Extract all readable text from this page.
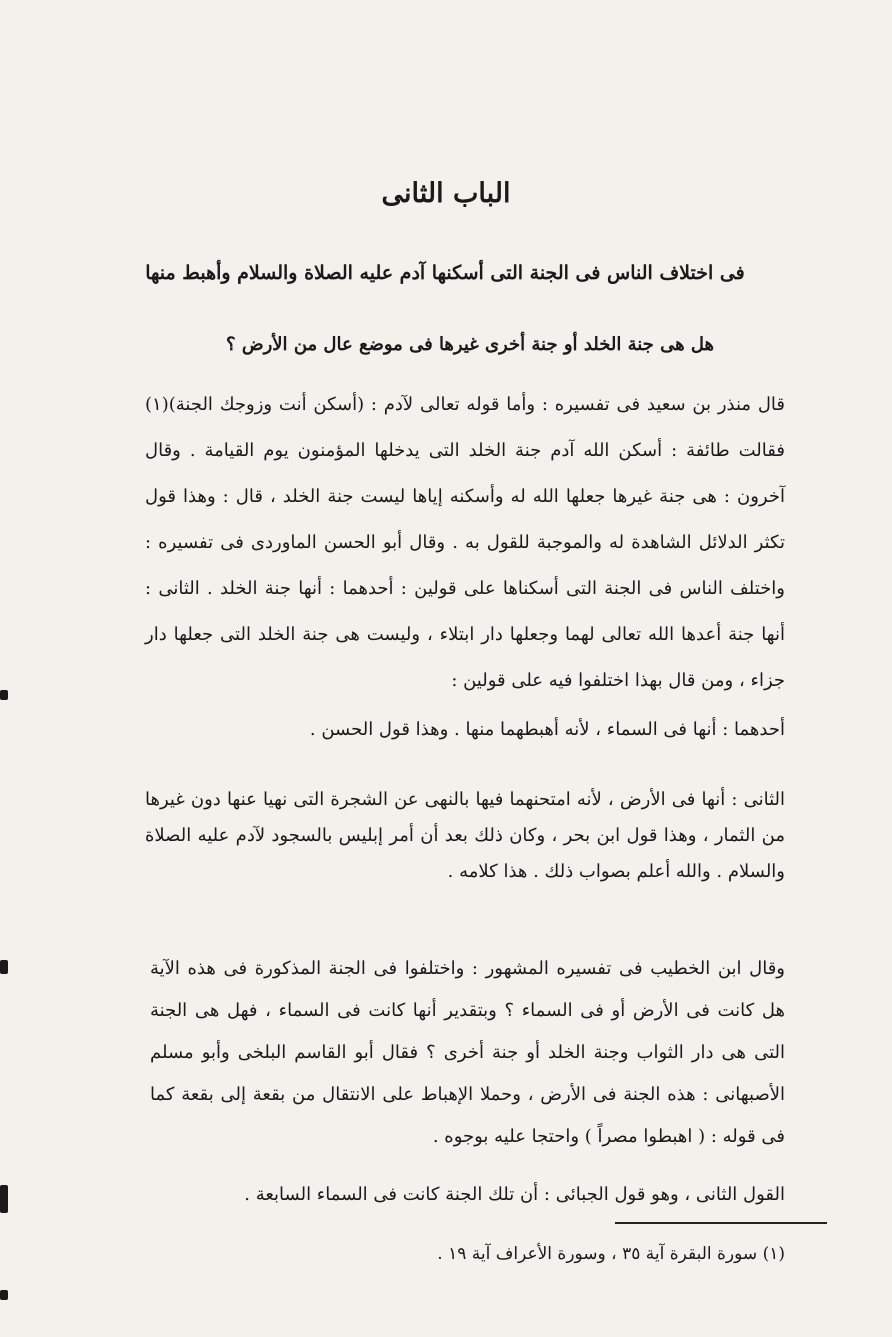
الباب الثانى
فى اختلاف الناس فى الجنة التى أسكنها آدم عليه الصلاة والسلام وأهبط منها
هل هى جنة الخلد أو جنة أخرى غيرها فى موضع عال من الأرض ؟

قال منذر بن سعيد فى تفسيره : وأما قوله تعالى لآدم : (أسكن أنت وزوجك الجنة)(١) فقالت طائفة : أسكن الله آدم جنة الخلد التى يدخلها المؤمنون يوم القيامة . وقال آخرون : هى جنة غيرها جعلها الله له وأسكنه إياها ليست جنة الخلد ، قال : وهذا قول تكثر الدلائل الشاهدة له والموجبة للقول به . وقال أبو الحسن الماوردى فى تفسيره : واختلف الناس فى الجنة التى أسكناها على قولين : أحدهما : أنها جنة الخلد . الثانى : أنها جنة أعدها الله تعالى لهما وجعلها دار ابتلاء ، وليست هى جنة الخلد التى جعلها دار جزاء ، ومن قال بهذا اختلفوا فيه على قولين :

أحدهما : أنها فى السماء ، لأنه أهبطهما منها . وهذا قول الحسن .

الثانى : أنها فى الأرض ، لأنه امتحنهما فيها بالنهى عن الشجرة التى نهيا عنها دون غيرها من الثمار ، وهذا قول ابن بحر ، وكان ذلك بعد أن أمر إبليس بالسجود لآدم عليه الصلاة والسلام . والله أعلم بصواب ذلك . هذا كلامه .

وقال ابن الخطيب فى تفسيره المشهور : واختلفوا فى الجنة المذكورة فى هذه الآية هل كانت فى الأرض أو فى السماء ؟ وبتقدير أنها كانت فى السماء ، فهل هى الجنة التى هى دار الثواب وجنة الخلد أو جنة أخرى ؟ فقال أبو القاسم البلخى وأبو مسلم الأصبهانى : هذه الجنة فى الأرض ، وحملا الإهباط على الانتقال من بقعة إلى بقعة كما فى قوله : ( اهبطوا مصراً ) واحتجا عليه بوجوه .

القول الثانى ، وهو قول الجبائى : أن تلك الجنة كانت فى السماء السابعة .

(١) سورة البقرة آية ٣٥ ، وسورة الأعراف آية ١٩ .
